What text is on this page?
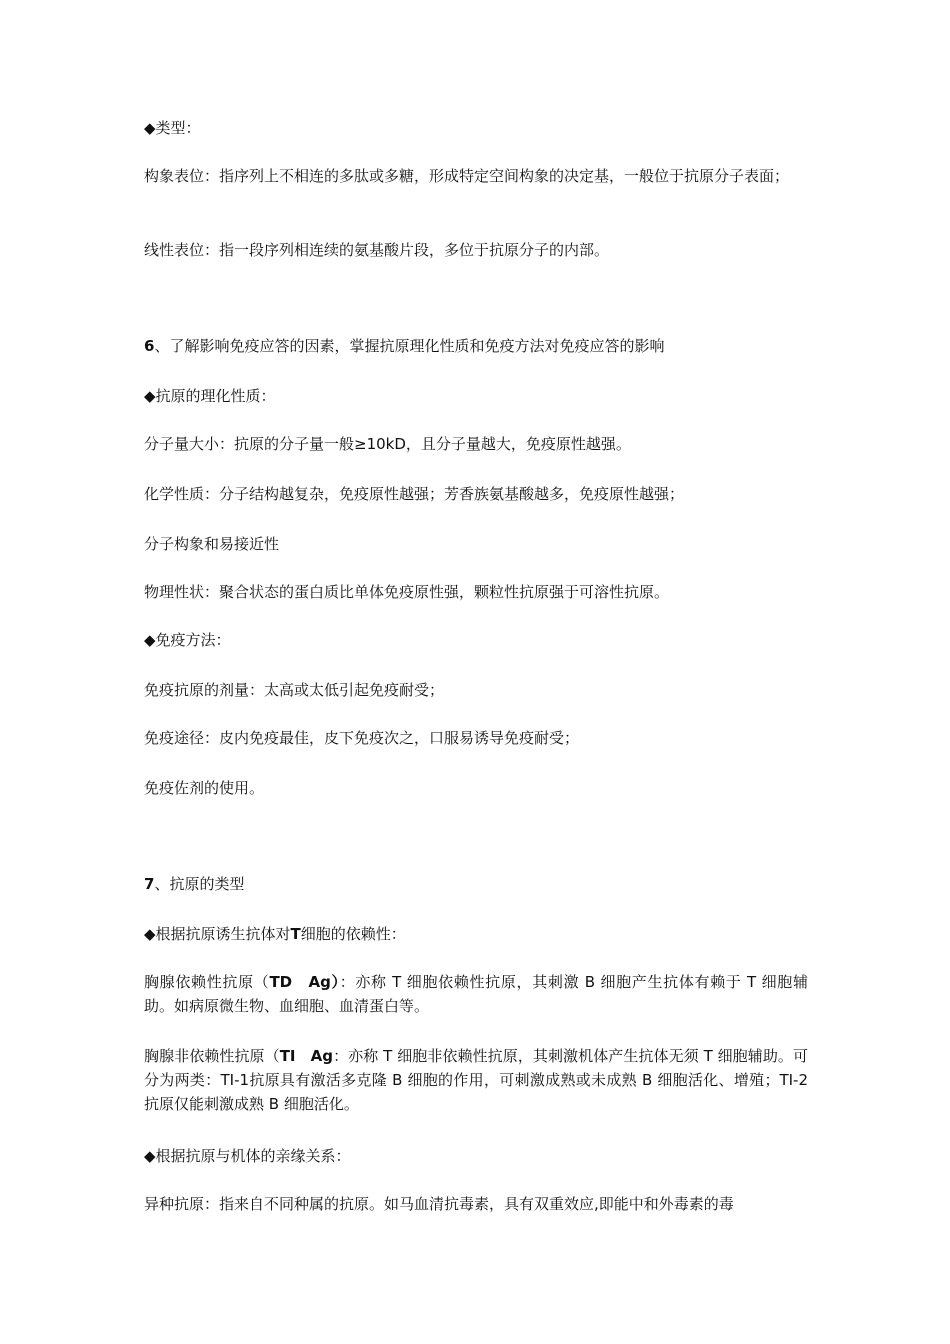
◆类型：

构象表位：指序列上不相连的多肽或多糖，形成特定空间构象的决定基，一般位于抗原分子表面；

线性表位：指一段序列相连续的氨基酸片段，多位于抗原分子的内部。

6、了解影响免疫应答的因素，掌握抗原理化性质和免疫方法对免疫应答的影响

◆抗原的理化性质：

分子量大小：抗原的分子量一般≥10kD，且分子量越大，免疫原性越强。

化学性质：分子结构越复杂，免疫原性越强；芳香族氨基酸越多，免疫原性越强；

分子构象和易接近性

物理性状：聚合状态的蛋白质比单体免疫原性强，颗粒性抗原强于可溶性抗原。

◆免疫方法：

免疫抗原的剂量：太高或太低引起免疫耐受；

免疫途径：皮内免疫最佳，皮下免疫次之，口服易诱导免疫耐受；

免疫佐剂的使用。

7、抗原的类型

◆根据抗原诱生抗体对T细胞的依赖性：

胸腺依赖性抗原（TD　Ag）：亦称 T 细胞依赖性抗原，其刺激 B 细胞产生抗体有赖于 T 细胞辅助。如病原微生物、血细胞、血清蛋白等。

胸腺非依赖性抗原（TI　Ag：亦称 T 细胞非依赖性抗原，其刺激机体产生抗体无须 T 细胞辅助。可分为两类：TI-1抗原具有激活多克隆 B 细胞的作用，可刺激成熟或未成熟 B 细胞活化、增殖；TI-2抗原仅能刺激成熟 B 细胞活化。

◆根据抗原与机体的亲缘关系：

异种抗原：指来自不同种属的抗原。如马血清抗毒素，具有双重效应,即能中和外毒素的毒
